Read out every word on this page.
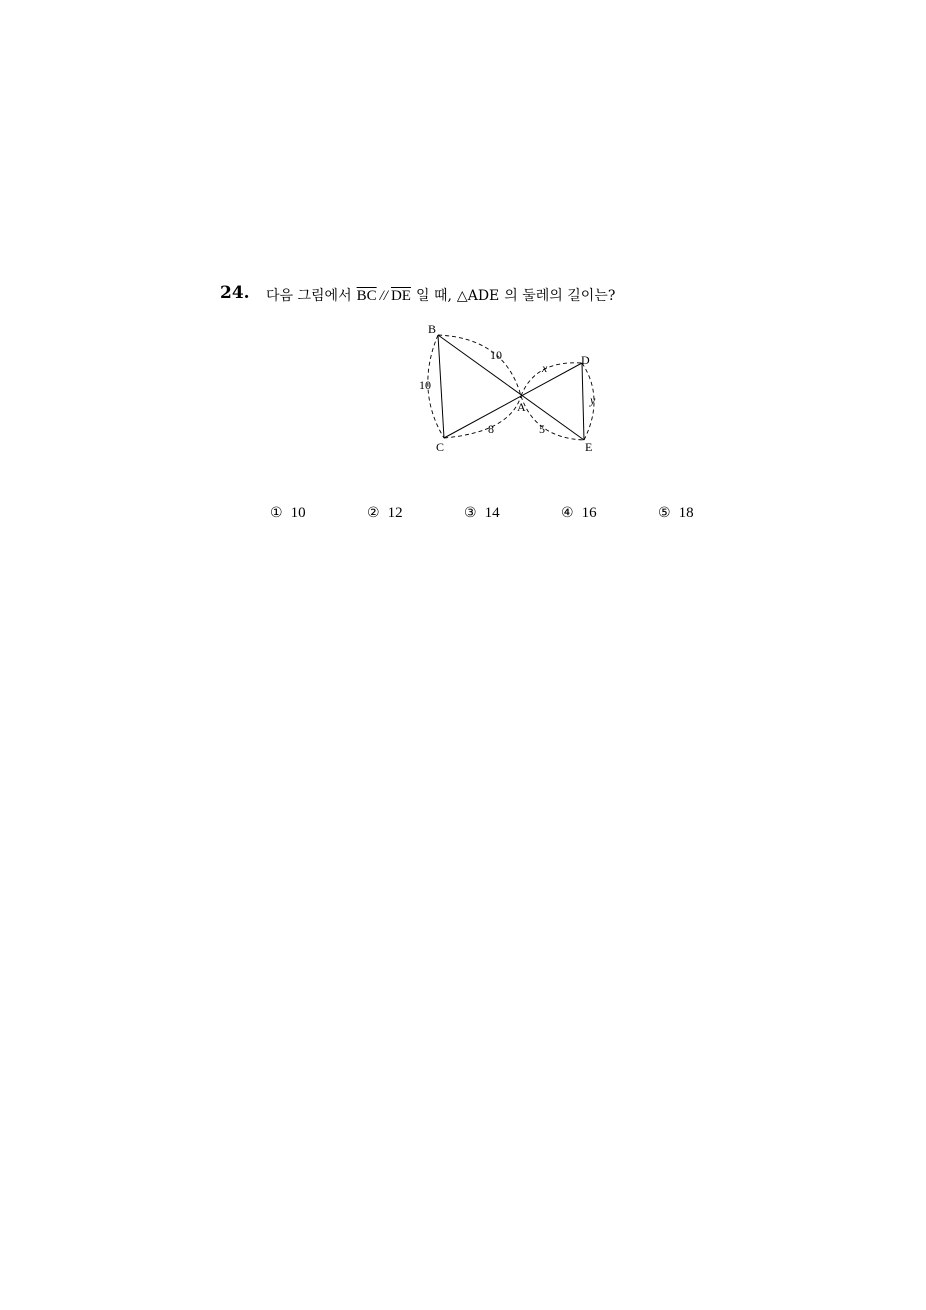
24. 다음 그림에서 $\overline{BC} // \overline{DE}$ 일 때, △ ADE 의 둘레의 길이는?
B
C
A
D
E
10
10
8	5
x
y
① 10	② 12	③ 14	④ 16	⑤ 18
